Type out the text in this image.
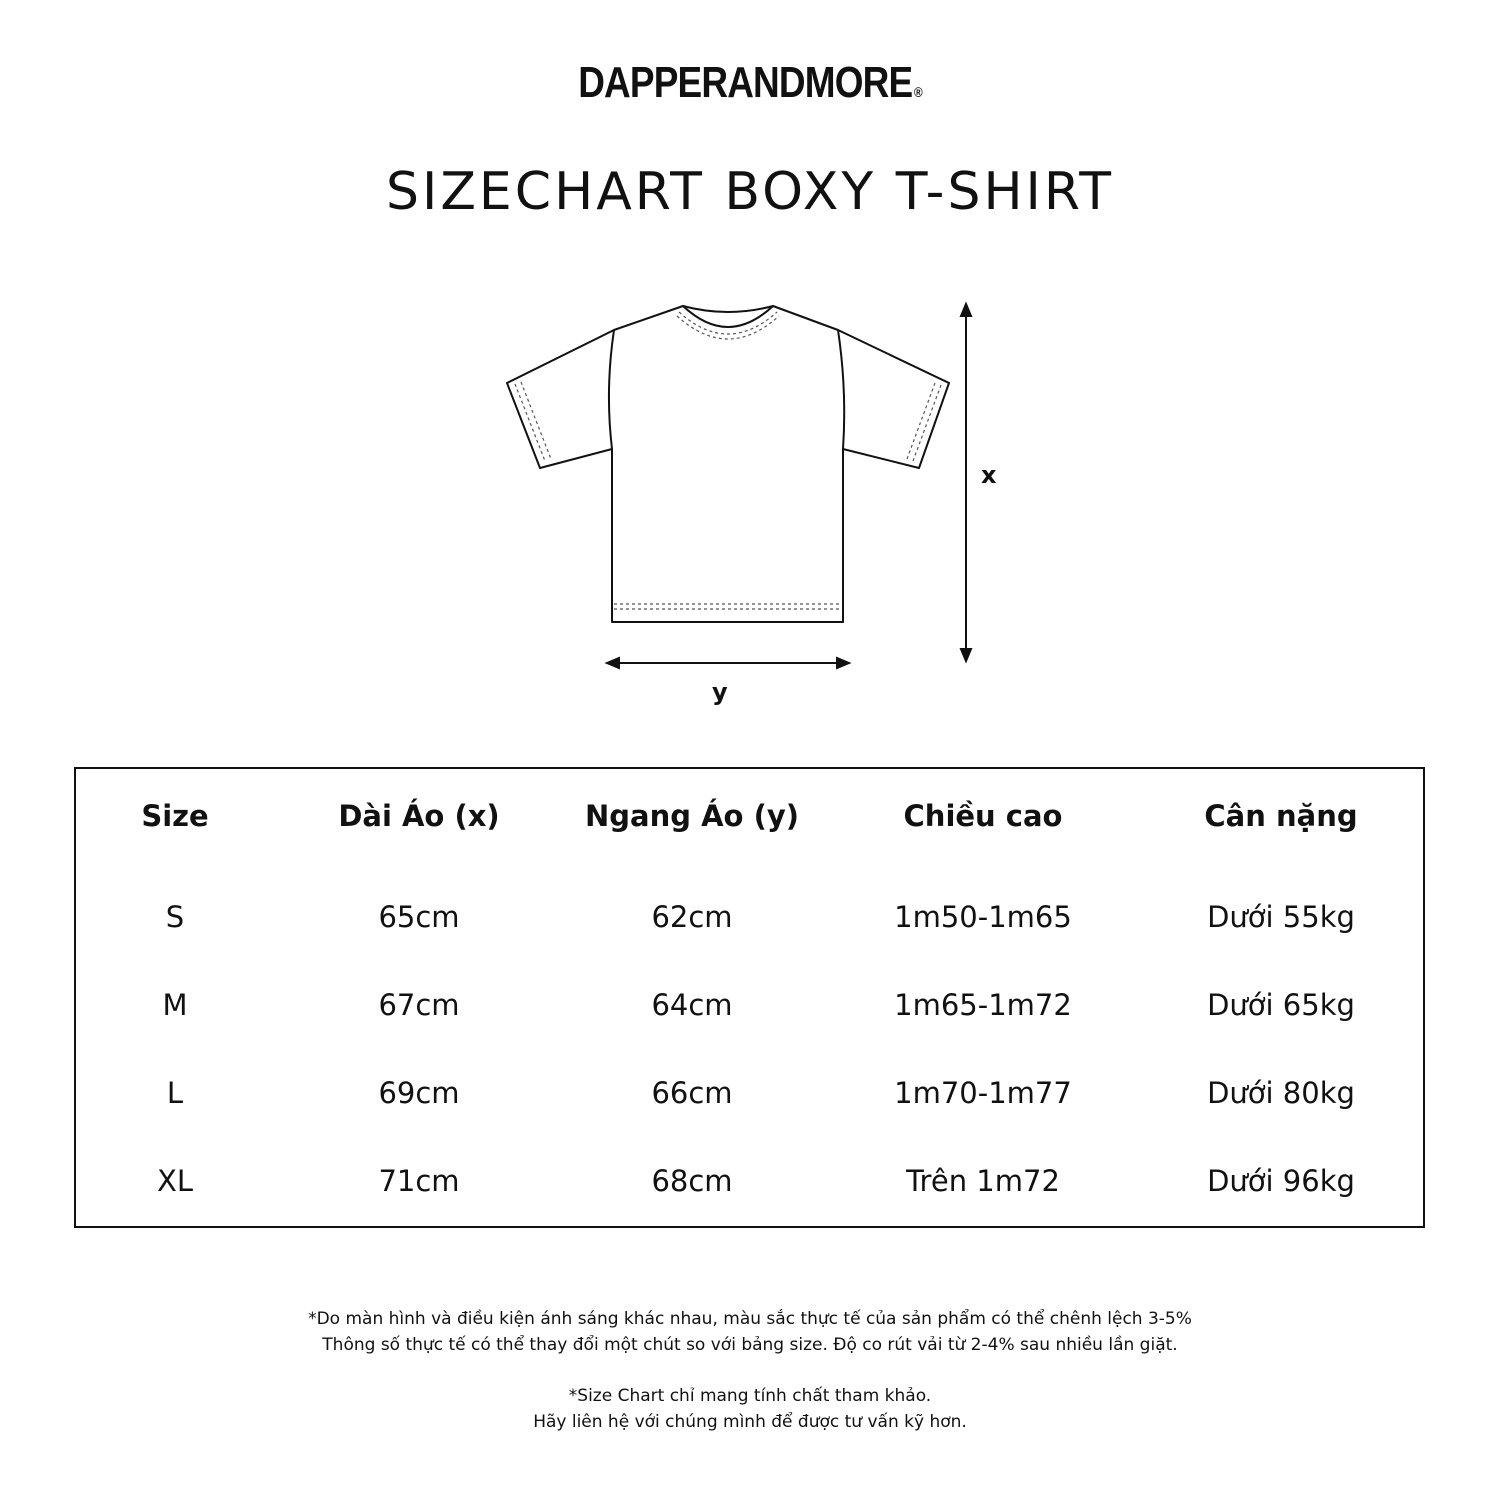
DAPPERANDMORE ®
SIZECHART BOXY T-SHIRT
x
y
Size	Dài Áo (x)	Ngang Áo (y)	Chiều cao	Cân nặng
S	65cm	62cm	1m50-1m65	Dưới 55kg
M	67cm	64cm	1m65-1m72	Dưới 65kg
L	69cm	66cm	1m70-1m77	Dưới 80kg
XL	71cm	68cm	Trên 1m72	Dưới 96kg
*Do màn hình và điều kiện ánh sáng khác nhau, màu sắc thực tế của sản phẩm có thể chênh lệch 3-5%
Thông số thực tế có thể thay đổi một chút so với bảng size. Độ co rút vải từ 2-4% sau nhiều lần giặt.
*Size Chart chỉ mang tính chất tham khảo.
Hãy liên hệ với chúng mình để được tư vấn kỹ hơn.
